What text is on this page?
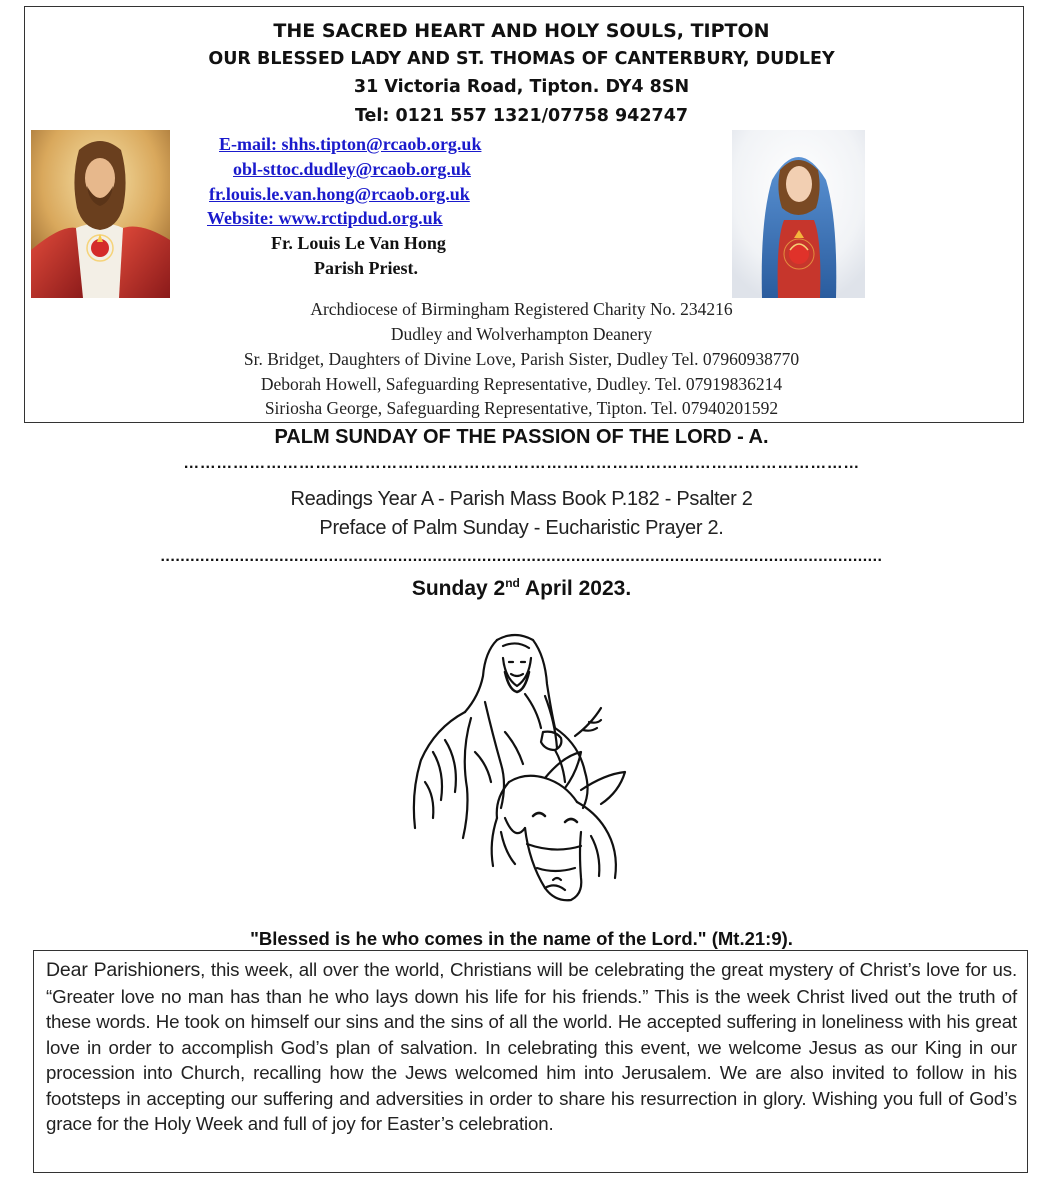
THE SACRED HEART AND HOLY SOULS, TIPTON
OUR BLESSED LADY AND ST. THOMAS OF CANTERBURY, DUDLEY
31 Victoria Road, Tipton. DY4 8SN
Tel: 0121 557 1321/07758 942747
E-mail: shhs.tipton@rcaob.org.uk
obl-sttoc.dudley@rcaob.org.uk
fr.louis.le.van.hong@rcaob.org.uk
Website: www.rctipdud.org.uk
Fr. Louis Le Van Hong
Parish Priest.
Archdiocese of Birmingham Registered Charity No. 234216
Dudley and Wolverhampton Deanery
Sr. Bridget, Daughters of Divine Love, Parish Sister, Dudley Tel. 07960938770
Deborah Howell, Safeguarding Representative, Dudley. Tel. 07919836214
Siriosha George, Safeguarding Representative, Tipton. Tel. 07940201592
PALM SUNDAY OF THE PASSION OF THE LORD - A.
……………………………………………………………………………………………………………
Readings Year A - Parish Mass Book P.182 - Psalter 2
Preface of Palm Sunday - Eucharistic Prayer 2.
..................................................................................................................................................
Sunday 2nd April 2023.
"Blessed is he who comes in the name of the Lord." (Mt.21:9).

Dear Parishioners, this week, all over the world, Christians will be celebrating the great mystery of Christ’s love for us. “Greater love no man has than he who lays down his life for his friends.” This is the week Christ lived out the truth of these words. He took on himself our sins and the sins of all the world. He accepted suffering in loneliness with his great love in order to accomplish God’s plan of salvation. In celebrating this event, we welcome Jesus as our King in our procession into Church, recalling how the Jews welcomed him into Jerusalem. We are also invited to follow in his footsteps in accepting our suffering and adversities in order to share his resurrection in glory. Wishing you full of God’s grace for the Holy Week and full of joy for Easter’s celebration.
